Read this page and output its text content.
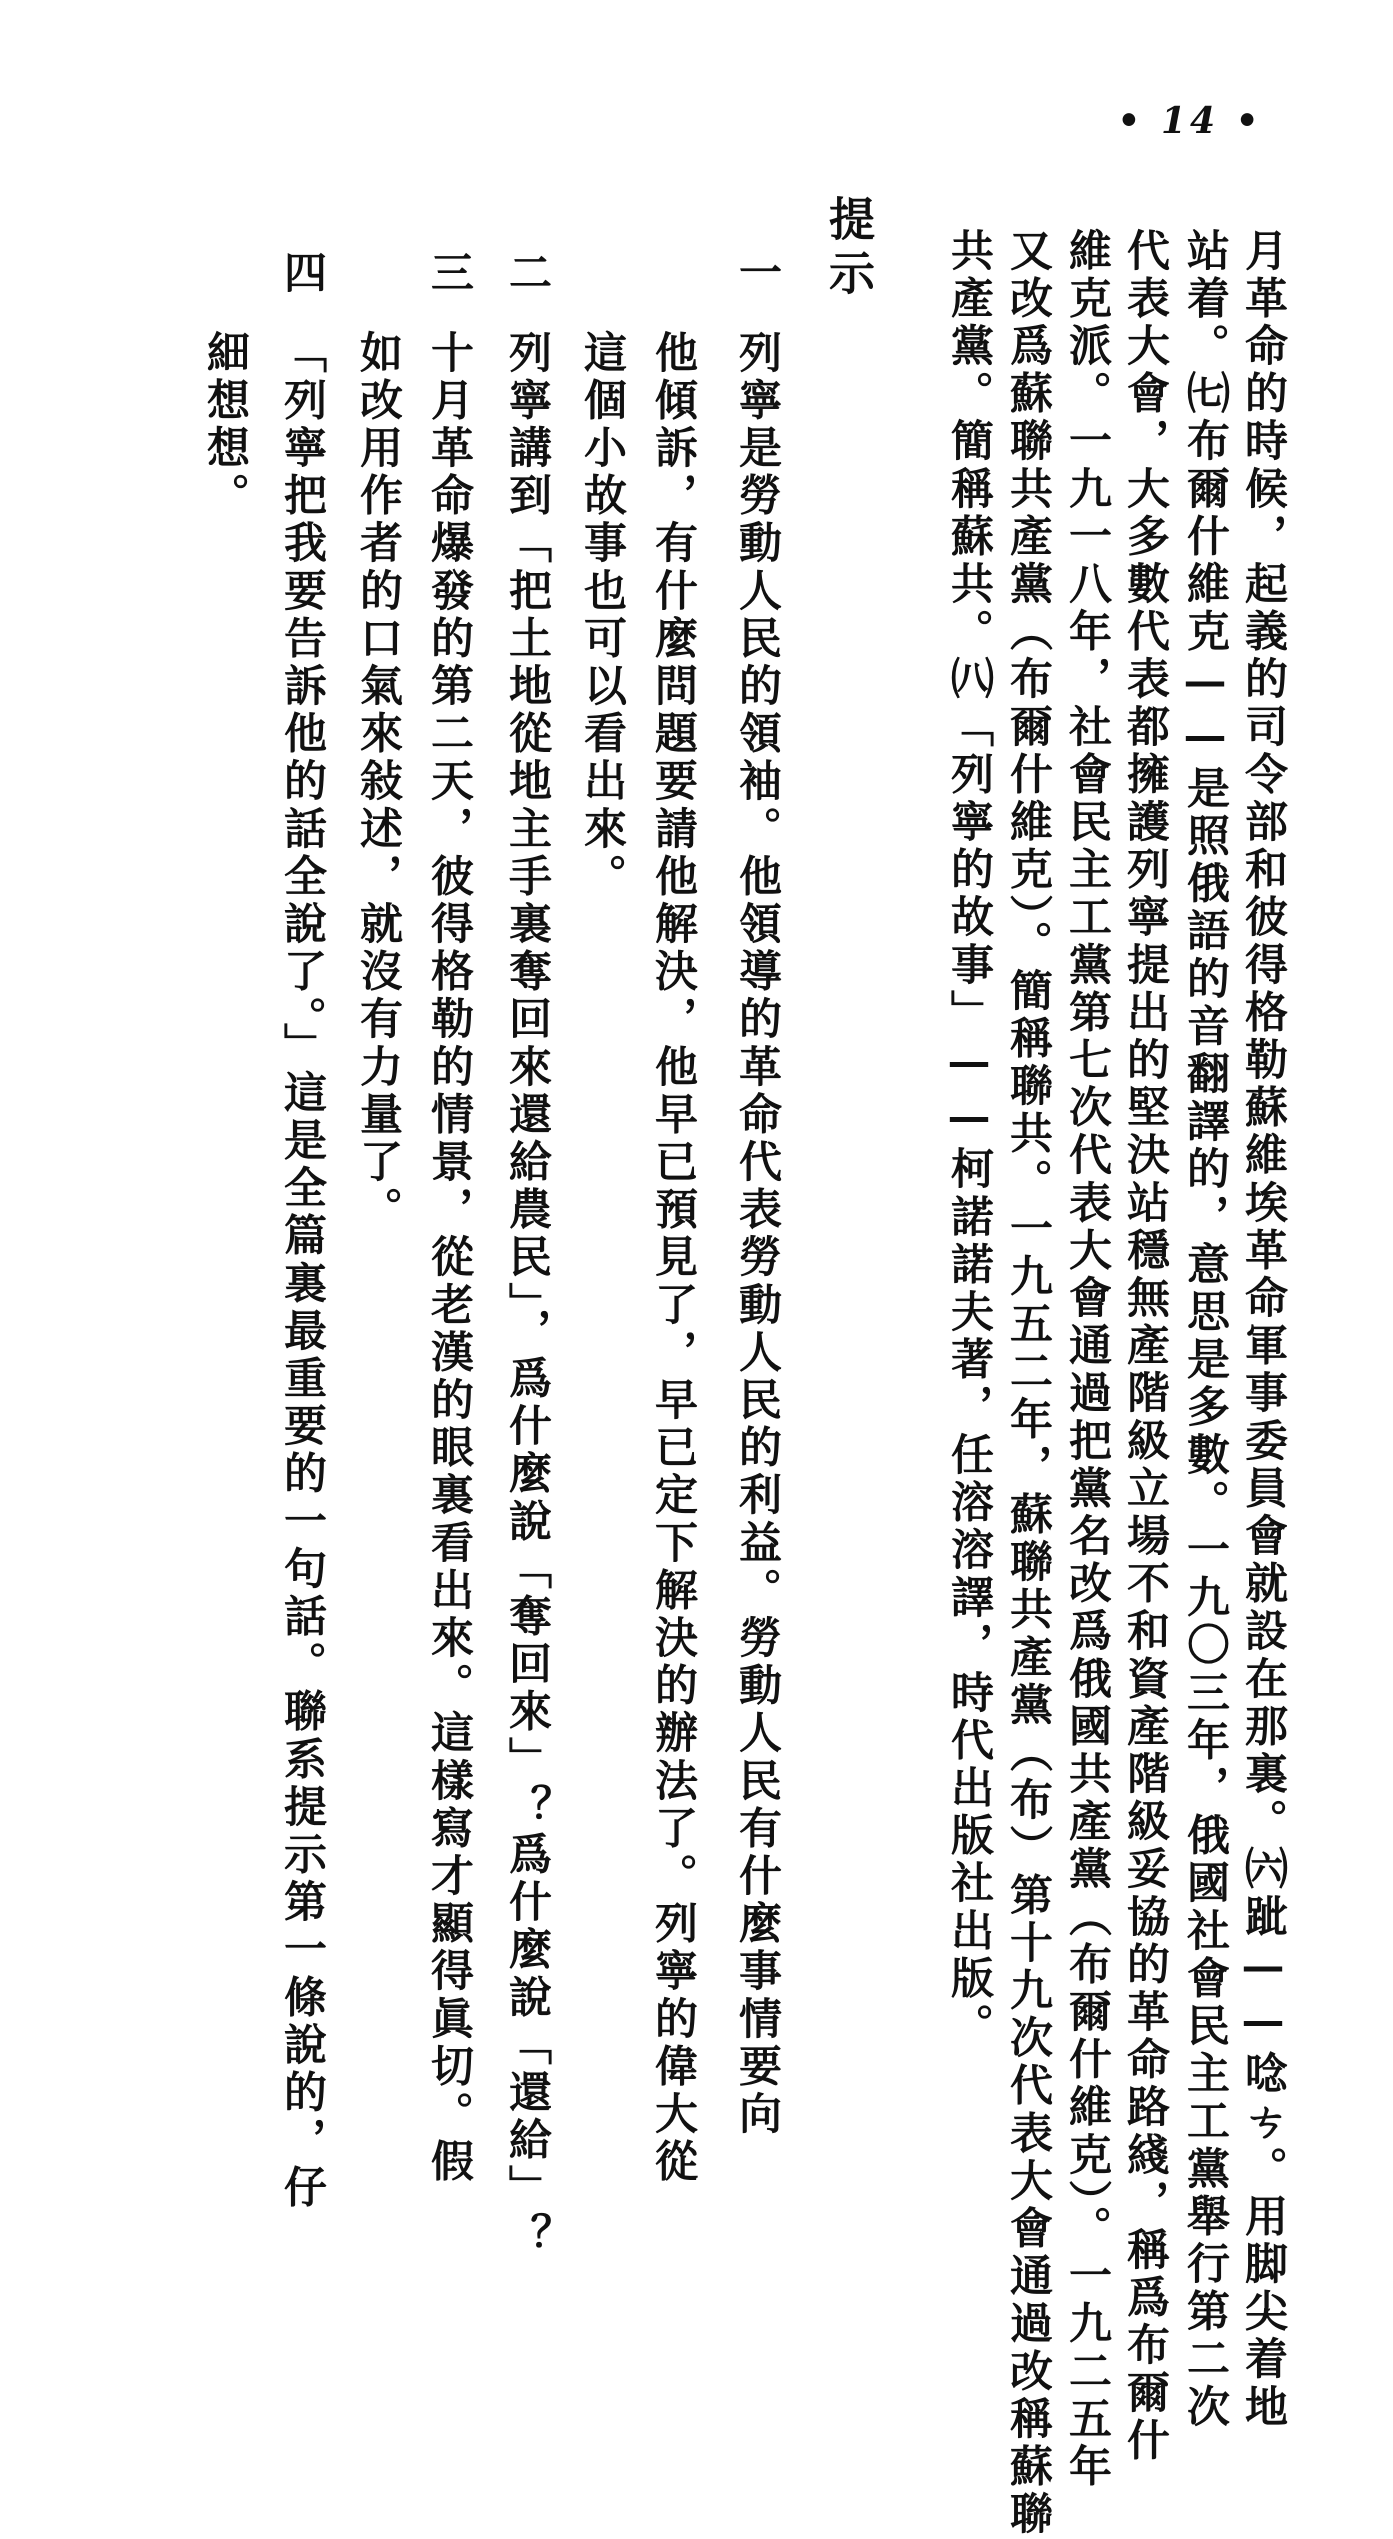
• 14 •
月革命的時候，起義的司令部和彼得格勒蘇維埃革命軍事委員會就設在那裏。㈥跐——唸ㄘ。用脚尖着地
站着。㈦布爾什維克——是照俄語的音翻譯的，意思是多數。一九〇三年，俄國社會民主工黨舉行第二次
代表大會，大多數代表都擁護列寧提出的堅決站穩無產階級立場不和資產階級妥協的革命路綫，稱爲布爾什
維克派。一九一八年，社會民主工黨第七次代表大會通過把黨名改爲俄國共產黨（布爾什維克）。一九二五年
又改爲蘇聯共產黨（布爾什維克）。簡稱聯共。一九五二年，蘇聯共產黨（布）第十九次代表大會通過改稱蘇聯
共產黨。簡稱蘇共。㈧「列寧的故事」——柯諾諾夫著，任溶溶譯，時代出版社出版。
提示
一
列寧是勞動人民的領袖。他領導的革命代表勞動人民的利益。勞動人民有什麼事情要向
他傾訴，有什麼問題要請他解決，他早已預見了，早已定下解決的辦法了。列寧的偉大從
這個小故事也可以看出來。
二
列寧講到「把土地從地主手裏奪回來還給農民」，爲什麼說「奪回來」？爲什麼說「還給」？
三
十月革命爆發的第二天，彼得格勒的情景，從老漢的眼裏看出來。這樣寫才顯得眞切。假
如改用作者的口氣來敍述，就沒有力量了。
四
「列寧把我要告訴他的話全說了。」這是全篇裏最重要的一句話。聯系提示第一條說的，仔
細想想。
